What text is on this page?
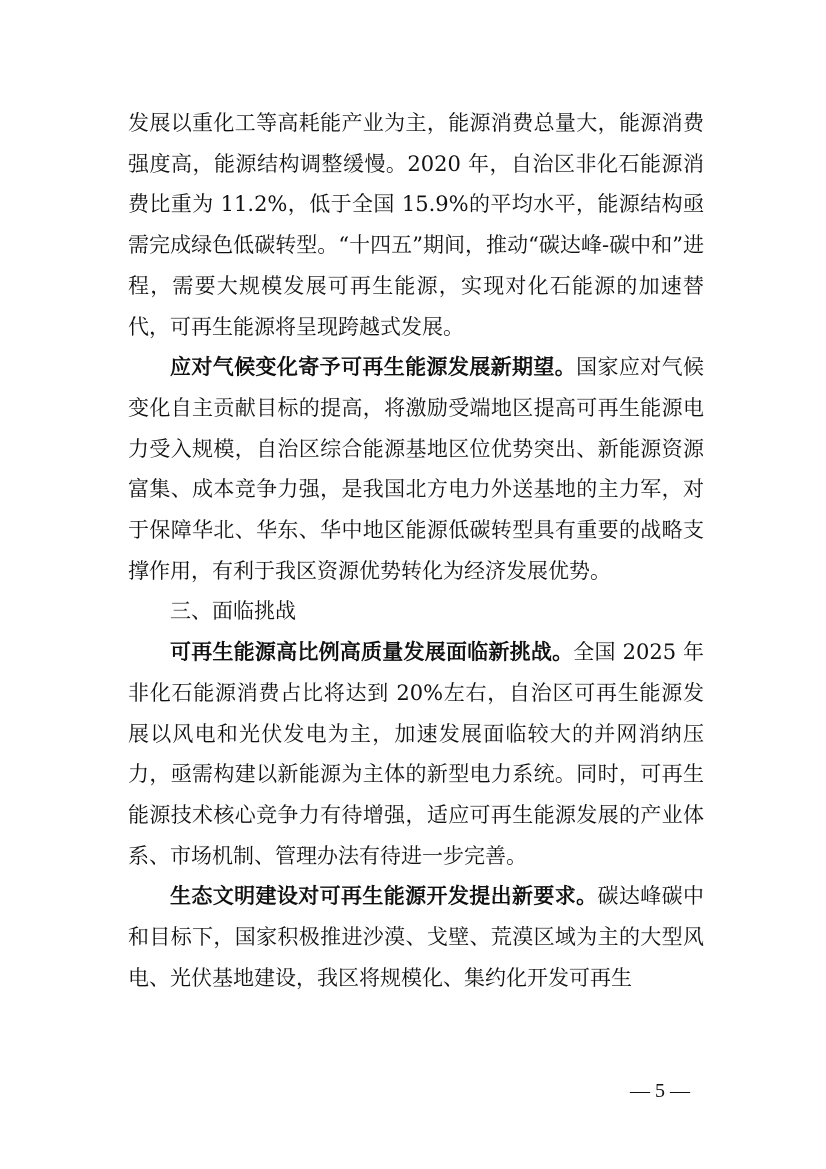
发展以重化工等高耗能产业为主，能源消费总量大，能源消费强度高，能源结构调整缓慢。2020 年，自治区非化石能源消费比重为 11.2%，低于全国 15.9%的平均水平，能源结构亟需完成绿色低碳转型。“十四五”期间，推动“碳达峰-碳中和”进程，需要大规模发展可再生能源，实现对化石能源的加速替代，可再生能源将呈现跨越式发展。

应对气候变化寄予可再生能源发展新期望。国家应对气候变化自主贡献目标的提高，将激励受端地区提高可再生能源电力受入规模，自治区综合能源基地区位优势突出、新能源资源富集、成本竞争力强，是我国北方电力外送基地的主力军，对于保障华北、华东、华中地区能源低碳转型具有重要的战略支撑作用，有利于我区资源优势转化为经济发展优势。

三、面临挑战

可再生能源高比例高质量发展面临新挑战。全国 2025 年非化石能源消费占比将达到 20%左右，自治区可再生能源发展以风电和光伏发电为主，加速发展面临较大的并网消纳压力，亟需构建以新能源为主体的新型电力系统。同时，可再生能源技术核心竞争力有待增强，适应可再生能源发展的产业体系、市场机制、管理办法有待进一步完善。

生态文明建设对可再生能源开发提出新要求。碳达峰碳中和目标下，国家积极推进沙漠、戈壁、荒漠区域为主的大型风电、光伏基地建设，我区将规模化、集约化开发可再生

— 5 —
